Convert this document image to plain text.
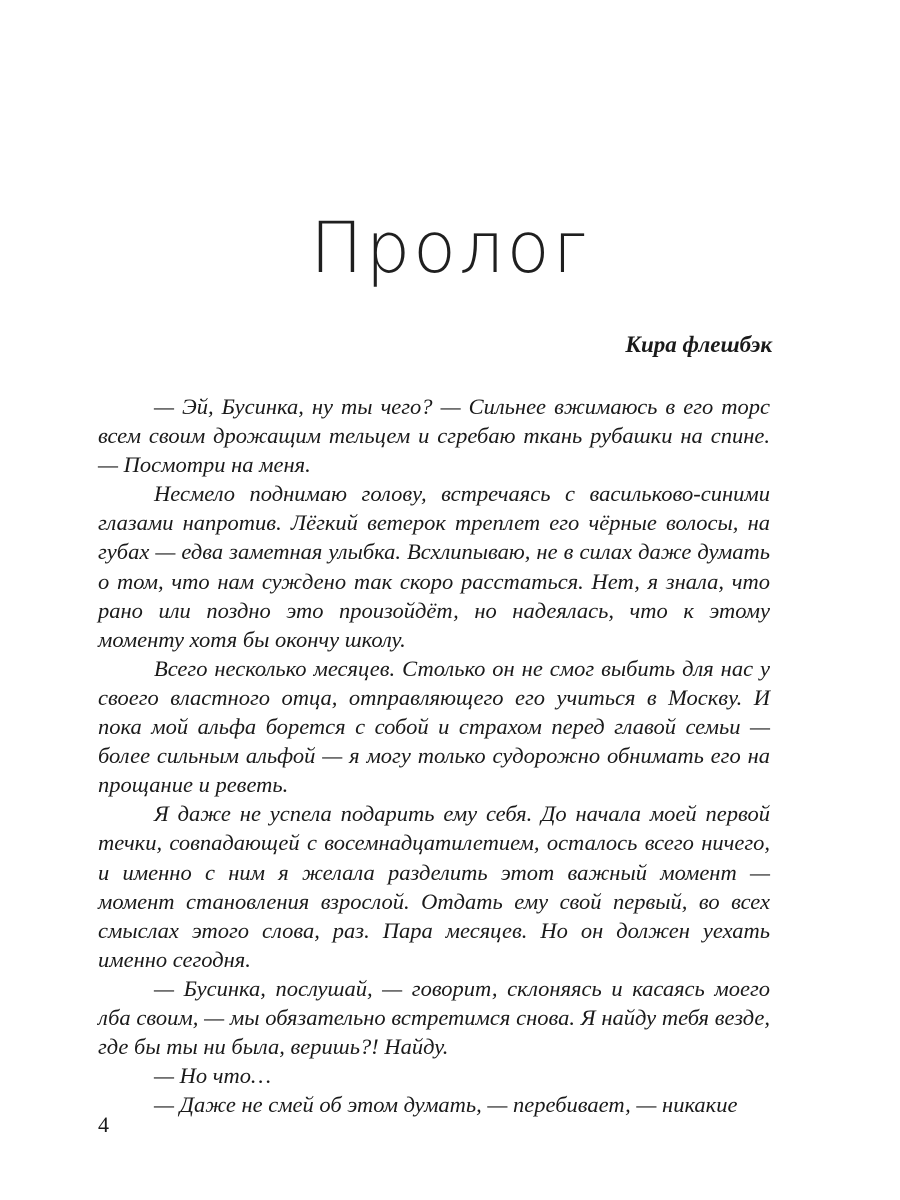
Пролог
Кира флешбэк

— Эй, Бусинка, ну ты чего? — Сильнее вжимаюсь в его торс всем своим дрожащим тельцем и сгребаю ткань рубашки на спине. — Посмотри на меня.

Несмело поднимаю голову, встречаясь с васильково-синими глазами напротив. Лёгкий ветерок треплет его чёрные волосы, на губах — едва заметная улыбка. Всхлипываю, не в силах даже думать о том, что нам суждено так скоро расстаться. Нет, я знала, что рано или поздно это произойдёт, но надеялась, что к этому моменту хотя бы окончу школу.

Всего несколько месяцев. Столько он не смог выбить для нас у своего властного отца, отправляющего его учиться в Москву. И пока мой альфа борется с собой и страхом перед главой семьи — более сильным альфой — я могу только судорожно обнимать его на прощание и реветь.

Я даже не успела подарить ему себя. До начала моей первой течки, совпадающей с восемнадцатилетием, осталось всего ничего, и именно с ним я желала разделить этот важный момент — момент становления взрослой. Отдать ему свой первый, во всех смыслах этого слова, раз. Пара месяцев. Но он должен уехать именно сегодня.

— Бусинка, послушай, — говорит, склоняясь и касаясь моего лба своим, — мы обязательно встретимся снова. Я найду тебя везде, где бы ты ни была, веришь?! Найду.

— Но что…

— Даже не смей об этом думать, — перебивает, — никакие

4
